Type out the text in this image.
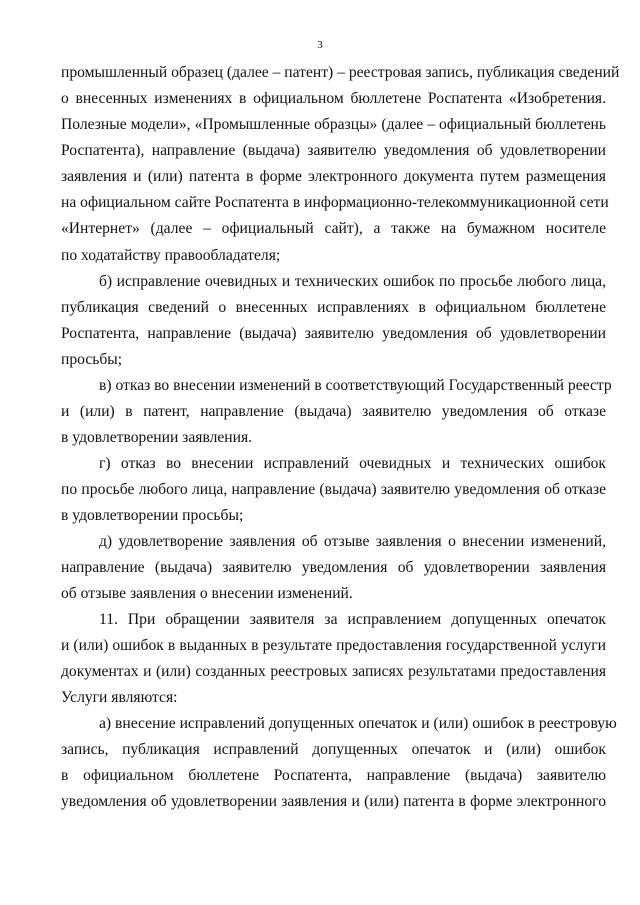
3
промышленный образец (далее – патент) – реестровая запись, публикация сведений
о внесенных изменениях в официальном бюллетене Роспатента «Изобретения.
Полезные модели», «Промышленные образцы» (далее – официальный бюллетень
Роспатента), направление (выдача) заявителю уведомления об удовлетворении
заявления и (или) патента в форме электронного документа путем размещения
на официальном сайте Роспатента в информационно-телекоммуникационной сети
«Интернет» (далее – официальный сайт), а также на бумажном носителе
по ходатайству правообладателя;
б) исправление очевидных и технических ошибок по просьбе любого лица,
публикация сведений о внесенных исправлениях в официальном бюллетене
Роспатента, направление (выдача) заявителю уведомления об удовлетворении
просьбы;
в) отказ во внесении изменений в соответствующий Государственный реестр
и (или) в патент, направление (выдача) заявителю уведомления об отказе
в удовлетворении заявления.
г) отказ во внесении исправлений очевидных и технических ошибок
по просьбе любого лица, направление (выдача) заявителю уведомления об отказе
в удовлетворении просьбы;
д) удовлетворение заявления об отзыве заявления о внесении изменений,
направление (выдача) заявителю уведомления об удовлетворении заявления
об отзыве заявления о внесении изменений.
11. При обращении заявителя за исправлением допущенных опечаток
и (или) ошибок в выданных в результате предоставления государственной услуги
документах и (или) созданных реестровых записях результатами предоставления
Услуги являются:
а) внесение исправлений допущенных опечаток и (или) ошибок в реестровую
запись, публикация исправлений допущенных опечаток и (или) ошибок
в официальном бюллетене Роспатента, направление (выдача) заявителю
уведомления об удовлетворении заявления и (или) патента в форме электронного
